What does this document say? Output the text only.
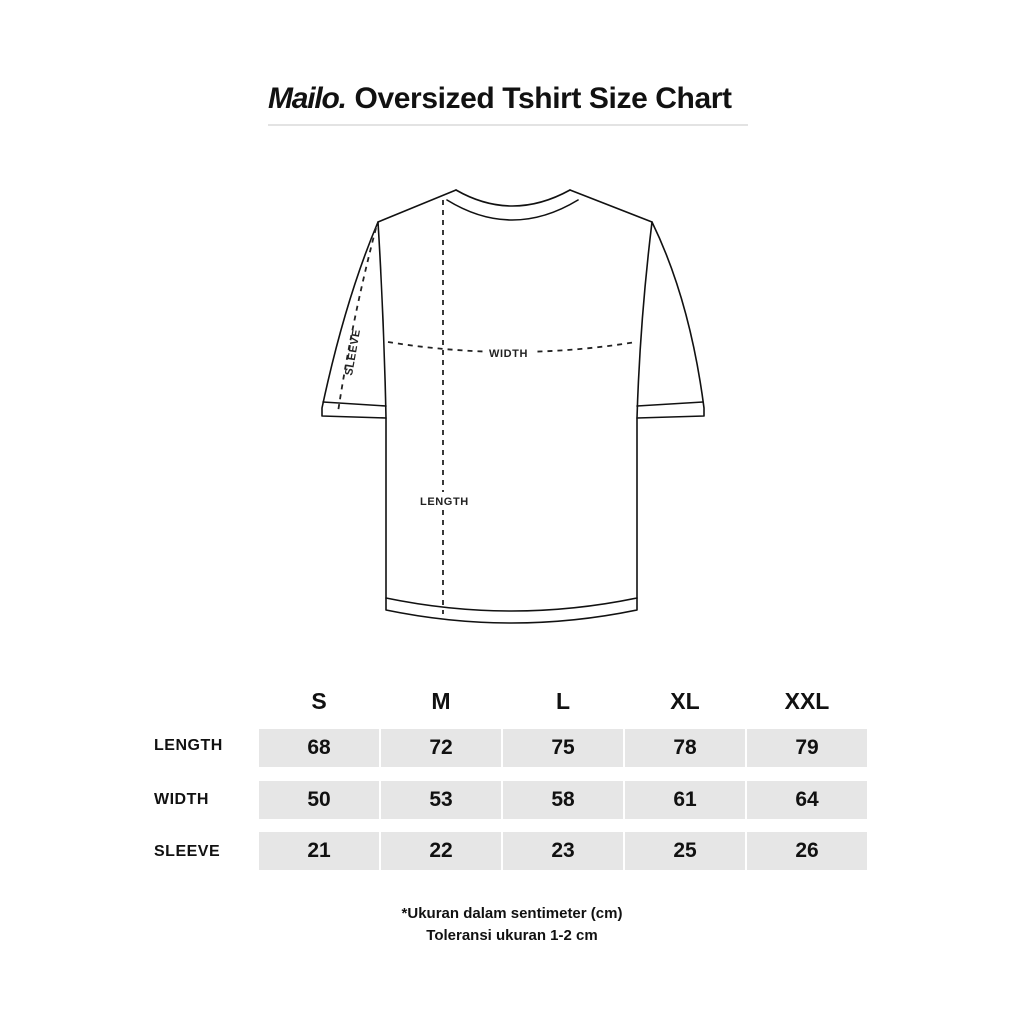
Mailo. Oversized Tshirt Size Chart
SLEEVE	WIDTH
LENGTH
S	M	L	XL	XXL
LENGTH	68	72	75	78	79
WIDTH	50	53	58	61	64
SLEEVE	21	22	23	25	26
*Ukuran dalam sentimeter (cm)
Toleransi ukuran 1-2 cm
